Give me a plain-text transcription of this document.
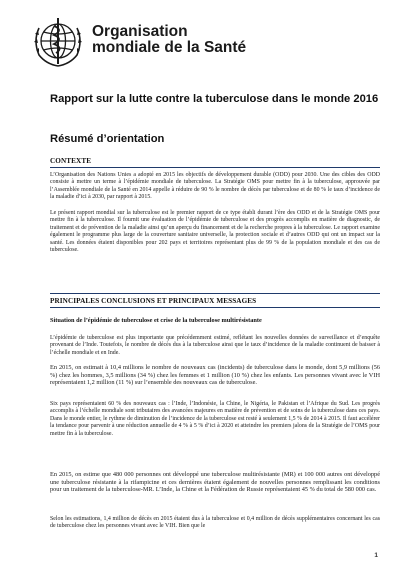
Organisation
mondiale de la Santé
Rapport sur la lutte contre la tuberculose dans le monde 2016
Résumé d’orientation
CONTEXTE
L’Organisation des Nations Unies a adopté en 2015 les objectifs de développement durable (ODD) pour 2030. Une des cibles des ODD consiste à mettre un terme à l’épidémie mondiale de tuberculose. La Stratégie OMS pour mettre fin à la tuberculose, approuvée par l’Assemblée mondiale de la Santé en 2014 appelle à réduire de 90 % le nombre de décès par tuberculose et de 80 % le taux d’incidence de la maladie d’ici à 2030, par rapport à 2015.
Le présent rapport mondial sur la tuberculose est le premier rapport de ce type établi durant l’ère des ODD et de la Stratégie OMS pour mettre fin à la tuberculose. Il fournit une évaluation de l’épidémie de tuberculose et des progrès accomplis en matière de diagnostic, de traitement et de prévention de la maladie ainsi qu’un aperçu du financement et de la recherche propres à la tuberculose. Le rapport examine également le programme plus large de la couverture sanitaire universelle, la protection sociale et d’autres ODD qui ont un impact sur la santé. Les données étaient disponibles pour 202 pays et territoires représentant plus de 99 % de la population mondiale et des cas de tuberculose.
PRINCIPALES CONCLUSIONS ET PRINCIPAUX MESSAGES
Situation de l’épidémie de tuberculose et crise de la tuberculose multirésistante
L’épidémie de tuberculose est plus importante que précédemment estimé, reflétant les nouvelles données de surveillance et d’enquête provenant de l’Inde. Toutefois, le nombre de décès dus à la tuberculose ainsi que le taux d’incidence de la maladie continuent de baisser à l’échelle mondiale et en Inde.
En 2015, on estimait à 10,4 millions le nombre de nouveaux cas (incidents) de tuberculose dans le monde, dont 5,9 millions (56 %) chez les hommes, 3,5 millions (34 %) chez les femmes et 1 million (10 %) chez les enfants. Les personnes vivant avec le VIH représentaient 1,2 million (11 %) sur l’ensemble des nouveaux cas de tuberculose.
Six pays représentaient 60 % des nouveaux cas : l’Inde, l’Indonésie, la Chine, le Nigéria, le Pakistan et l’Afrique du Sud. Les progrès accomplis à l’échelle mondiale sont tributaires des avancées majeures en matière de prévention et de soins de la tuberculose dans ces pays. Dans le monde entier, le rythme de diminution de l’incidence de la tuberculose est resté à seulement 1,5 % de 2014 à 2015. Il faut accélérer la tendance pour parvenir à une réduction annuelle de 4 % à 5 % d’ici à 2020 et atteindre les premiers jalons de la Stratégie de l’OMS pour mettre fin à la tuberculose.
En 2015, on estime que 480 000 personnes ont développé une tuberculose multirésistante (MR) et 100 000 autres ont développé une tuberculose résistante à la rifampicine et ces dernières étaient également de nouvelles personnes remplissant les conditions pour un traitement de la tuberculose-MR. L’Inde, la Chine et la Fédération de Russie représentaient 45 % du total de 580 000 cas.
Selon les estimations, 1,4 million de décès en 2015 étaient dus à la tuberculose et 0,4 million de décès supplémentaires concernant les cas de tuberculose chez les personnes vivant avec le VIH. Bien que le
1
